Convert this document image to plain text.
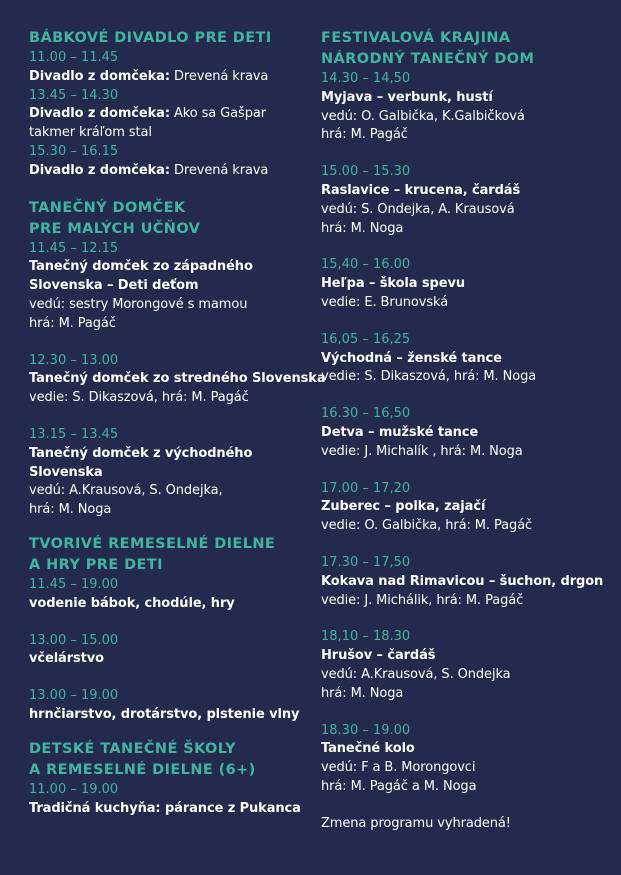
BÁBKOVÉ DIVADLO PRE DETI
11.00 – 11.45
Divadlo z domčeka: Drevená krava
13.45 – 14.30
Divadlo z domčeka: Ako sa Gašpar
takmer kráľom stal
15.30 – 16.15
Divadlo z domčeka: Drevená krava
TANEČNÝ DOMČEK
PRE MALÝCH UČŇOV
11.45 – 12.15
Tanečný domček zo západného
Slovenska – Deti deťom
vedú: sestry Morongové s mamou
hrá: M. Pagáč
12.30 – 13.00
Tanečný domček zo stredného Slovenska
vedie: S. Dikaszová, hrá: M. Pagáč
13.15 – 13.45
Tanečný domček z východného
Slovenska
vedú: A.Krausová, S. Ondejka,
hrá: M. Noga
TVORIVÉ REMESELNÉ DIELNE
A HRY PRE DETI
11.45 – 19.00
vodenie bábok, chodúle, hry
13.00 – 15.00
včelárstvo
13.00 – 19.00
hrnčiarstvo, drotárstvo, plstenie vlny
DETSKÉ TANEČNÉ ŠKOLY
A REMESELNÉ DIELNE (6+)
11.00 – 19.00
Tradičná kuchyňa: párance z Pukanca
FESTIVALOVÁ KRAJINA
NÁRODNÝ TANEČNÝ DOM
14.30 – 14,50
Myjava – verbunk, hustí
vedú: O. Galbička, K.Galbičková
hrá: M. Pagáč
15.00 – 15.30
Raslavice – krucena, čardáš
vedú: S. Ondejka, A. Krausová
hrá: M. Noga
15,40 – 16.00
Heľpa – škola spevu
vedie: E. Brunovská
16,05 – 16,25
Východná – ženské tance
vedie: S. Dikaszová, hrá: M. Noga
16.30 – 16,50
Detva – mužské tance
vedie: J. Michalík , hrá: M. Noga
17.00 – 17,20
Zuberec – polka, zajačí
vedie: O. Galbička, hrá: M. Pagáč
17.30 – 17,50
Kokava nad Rimavicou – šuchon, drgon
vedie: J. Michálik, hrá: M. Pagáč
18,10 – 18.30
Hrušov – čardáš
vedú: A.Krausová, S. Ondejka
hrá: M. Noga
18.30 – 19.00
Tanečné kolo
vedú: F a B. Morongovci
hrá: M. Pagáč a M. Noga
Zmena programu vyhradená!
